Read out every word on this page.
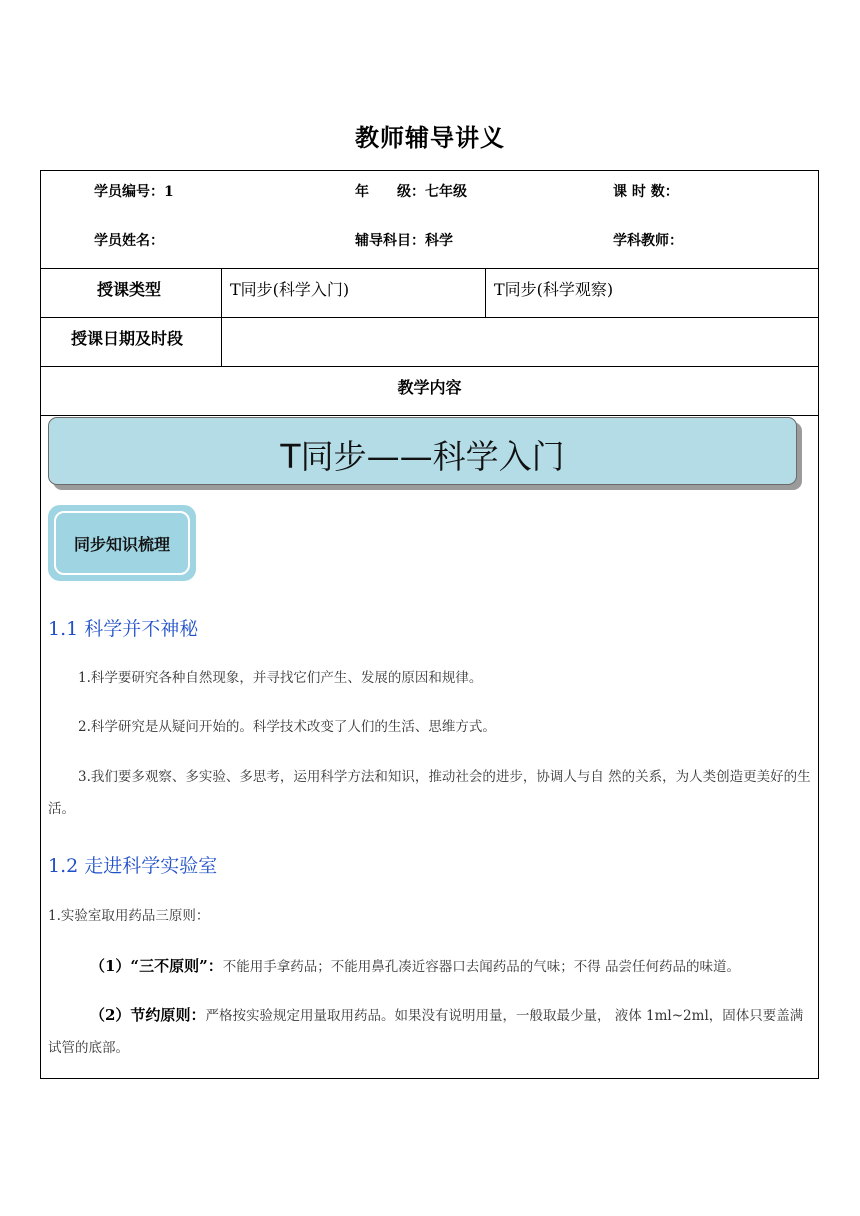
教师辅导讲义
学员编号：1	年　　级：七年级	课 时 数：
学员姓名：	辅导科目：科学	学科教师：
授课类型	T同步(科学入门)	T同步(科学观察)
授课日期及时段
教学内容
T同步——科学入门
同步知识梳理
1.1 科学并不神秘
1.科学要研究各种自然现象，并寻找它们产生、发展的原因和规律。
2.科学研究是从疑问开始的。科学技术改变了人们的生活、思维方式。
3.我们要多观察、多实验、多思考，运用科学方法和知识，推动社会的进步，协调人与自 然的关系，为人类创造更美好的生活。
1.2 走进科学实验室
1.实验室取用药品三原则：
（1）“三不原则”：不能用手拿药品；不能用鼻孔凑近容器口去闻药品的气味；不得 品尝任何药品的味道。
（2）节约原则：严格按实验规定用量取用药品。如果没有说明用量，一般取最少量， 液体 1ml~2ml，固体只要盖满试管的底部。
